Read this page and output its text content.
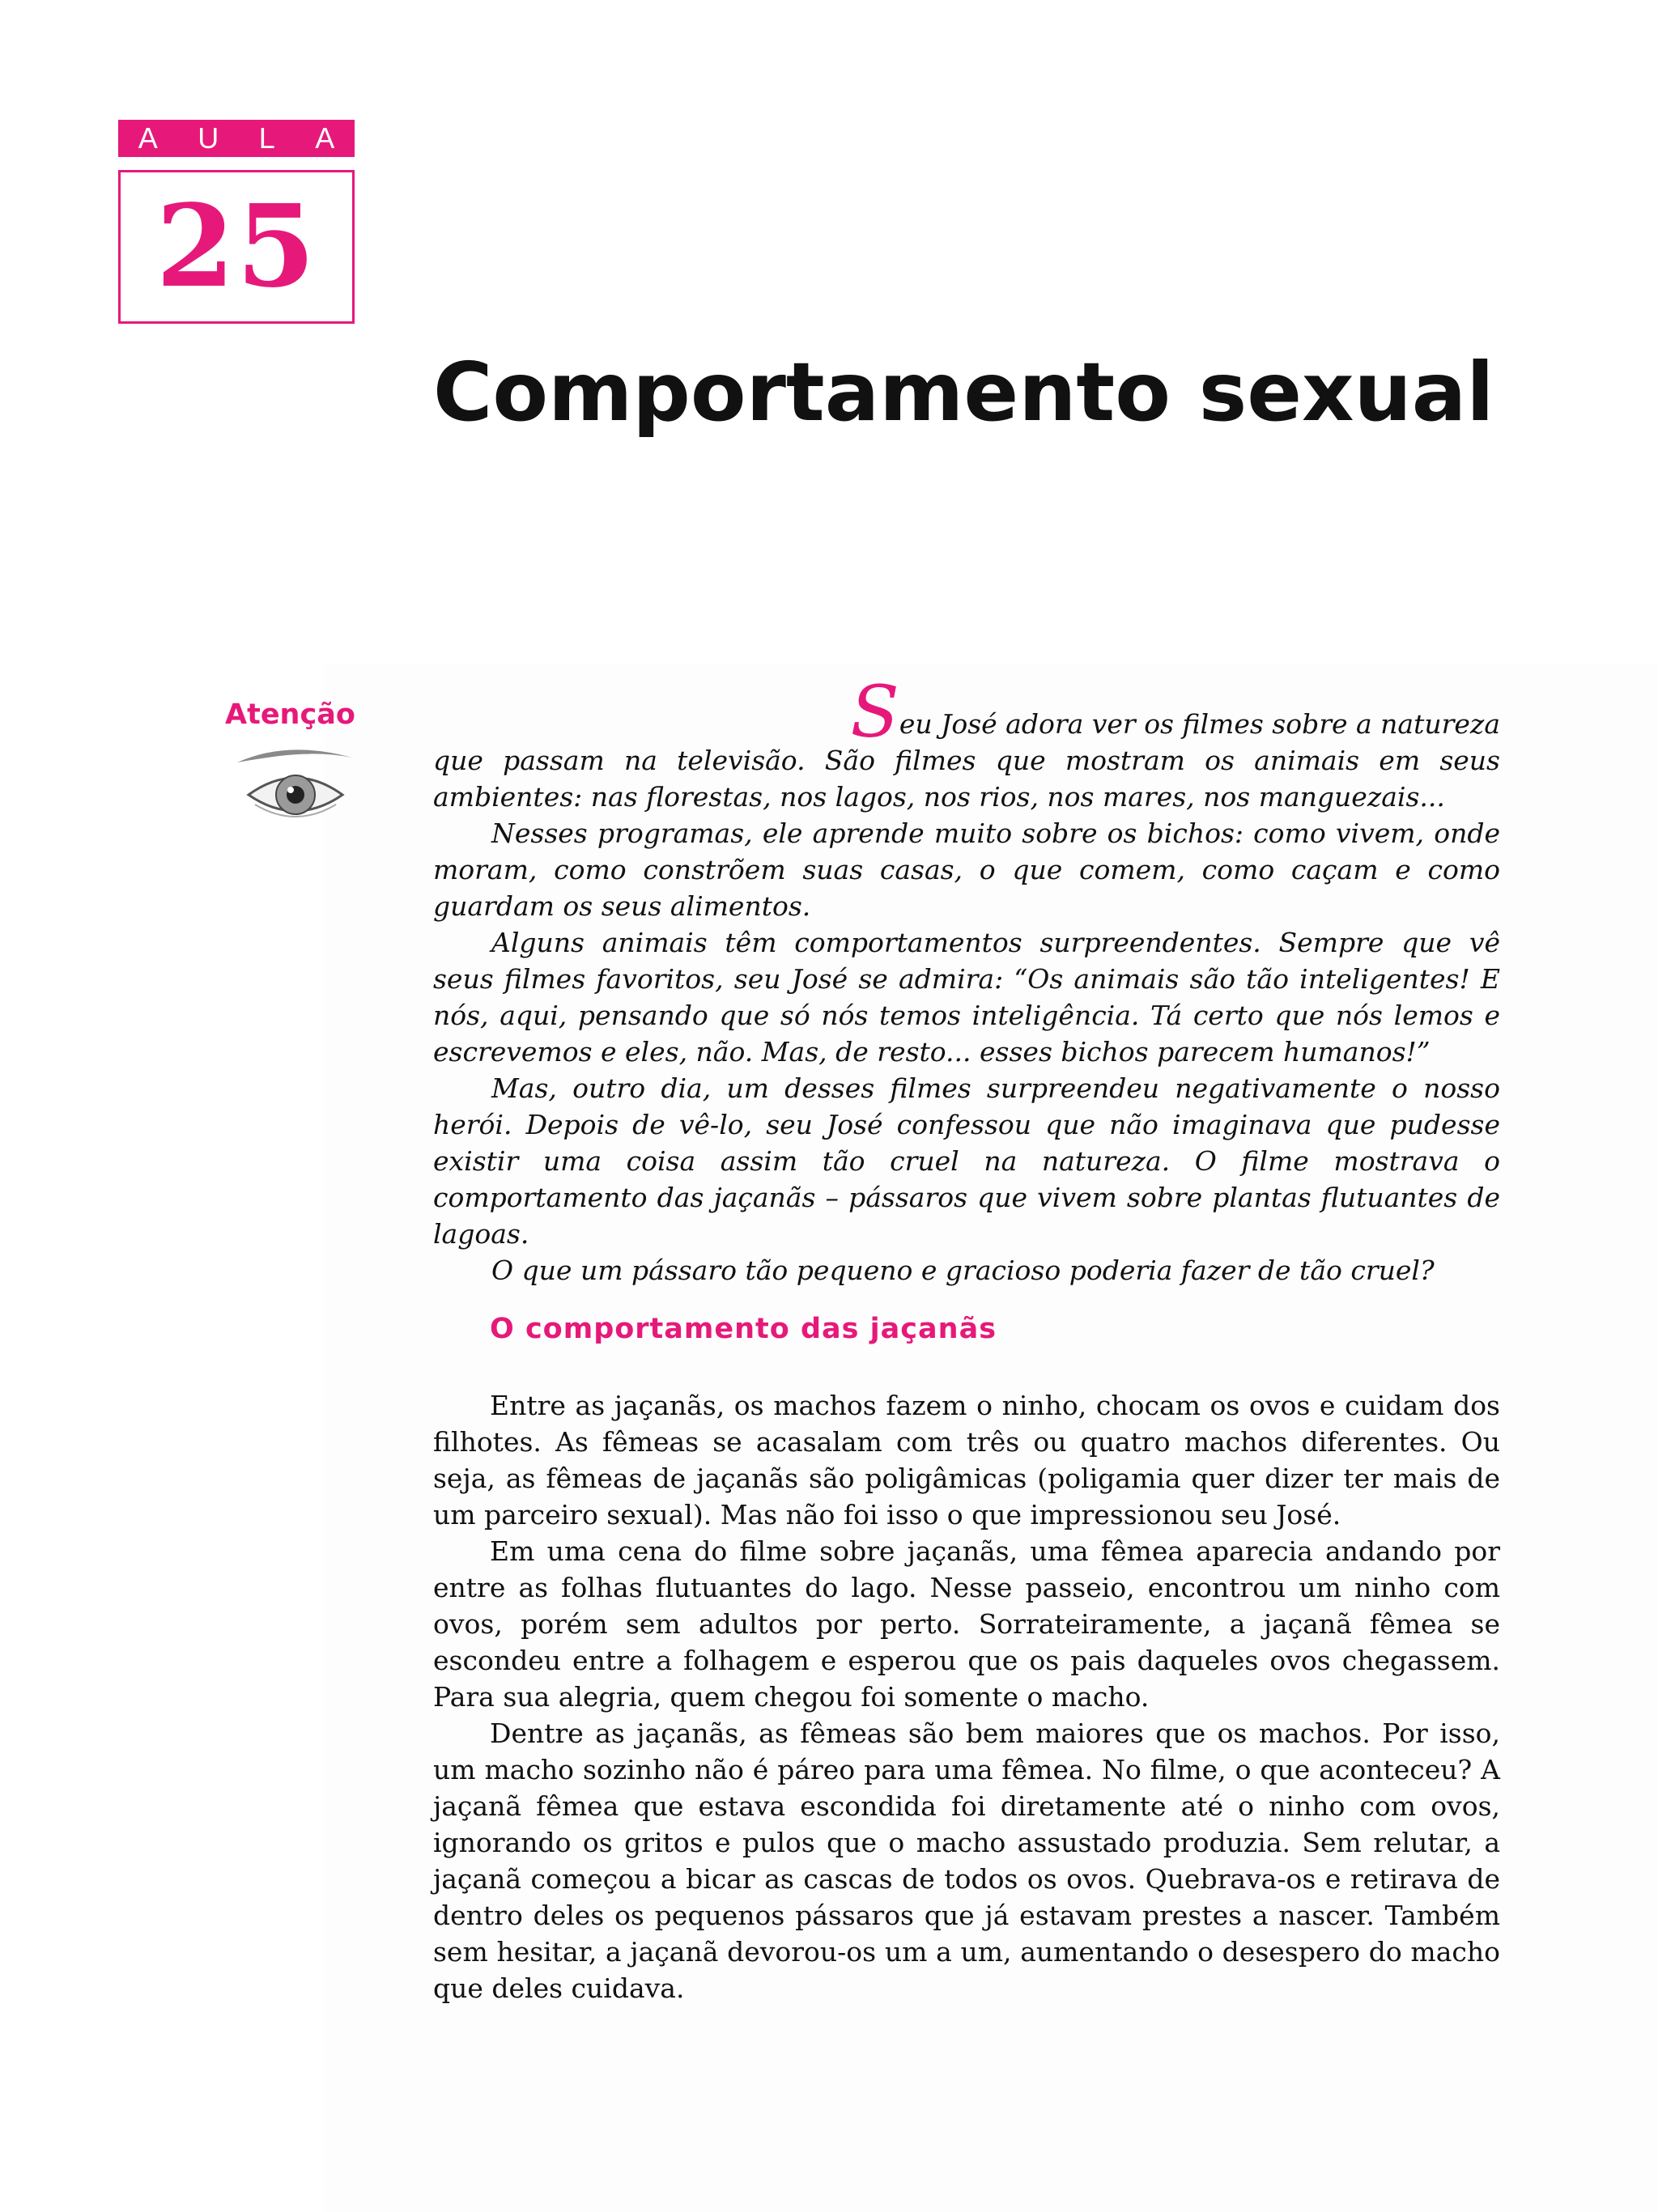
A U L A
25
Comportamento sexual
Atenção	Seu José adora ver os filmes sobre a natureza

que passam na televisão. São filmes que mostram os animais em seus ambientes: nas florestas, nos lagos, nos rios, nos mares, nos manguezais...

Nesses programas, ele aprende muito sobre os bichos: como vivem, onde moram, como constrõem suas casas, o que comem, como caçam e como guardam os seus alimentos.

Alguns animais têm comportamentos surpreendentes. Sempre que vê seus filmes favoritos, seu José se admira: “Os animais são tão inteligentes! E nós, aqui, pensando que só nós temos inteligência. Tá certo que nós lemos e escrevemos e eles, não. Mas, de resto... esses bichos parecem humanos!”

Mas, outro dia, um desses filmes surpreendeu negativamente o nosso herói. Depois de vê-lo, seu José confessou que não imaginava que pudesse existir uma coisa assim tão cruel na natureza. O filme mostrava o comportamento das jaçanãs – pássaros que vivem sobre plantas flutuantes de lagoas.

O que um pássaro tão pequeno e gracioso poderia fazer de tão cruel?

O comportamento das jaçanãs

Entre as jaçanãs, os machos fazem o ninho, chocam os ovos e cuidam dos filhotes. As fêmeas se acasalam com três ou quatro machos diferentes. Ou seja, as fêmeas de jaçanãs são poligâmicas (poligamia quer dizer ter mais de um parceiro sexual). Mas não foi isso o que impressionou seu José.

Em uma cena do filme sobre jaçanãs, uma fêmea aparecia andando por entre as folhas flutuantes do lago. Nesse passeio, encontrou um ninho com ovos, porém sem adultos por perto. Sorrateiramente, a jaçanã fêmea se escondeu entre a folhagem e esperou que os pais daqueles ovos chegassem. Para sua alegria, quem chegou foi somente o macho.

Dentre as jaçanãs, as fêmeas são bem maiores que os machos. Por isso, um macho sozinho não é páreo para uma fêmea. No filme, o que aconteceu? A jaçanã fêmea que estava escondida foi diretamente até o ninho com ovos, ignorando os gritos e pulos que o macho assustado produzia. Sem relutar, a jaçanã começou a bicar as cascas de todos os ovos. Quebrava-os e retirava de dentro deles os pequenos pássaros que já estavam prestes a nascer. Também sem hesitar, a jaçanã devorou-os um a um, aumentando o desespero do macho que deles cuidava.
